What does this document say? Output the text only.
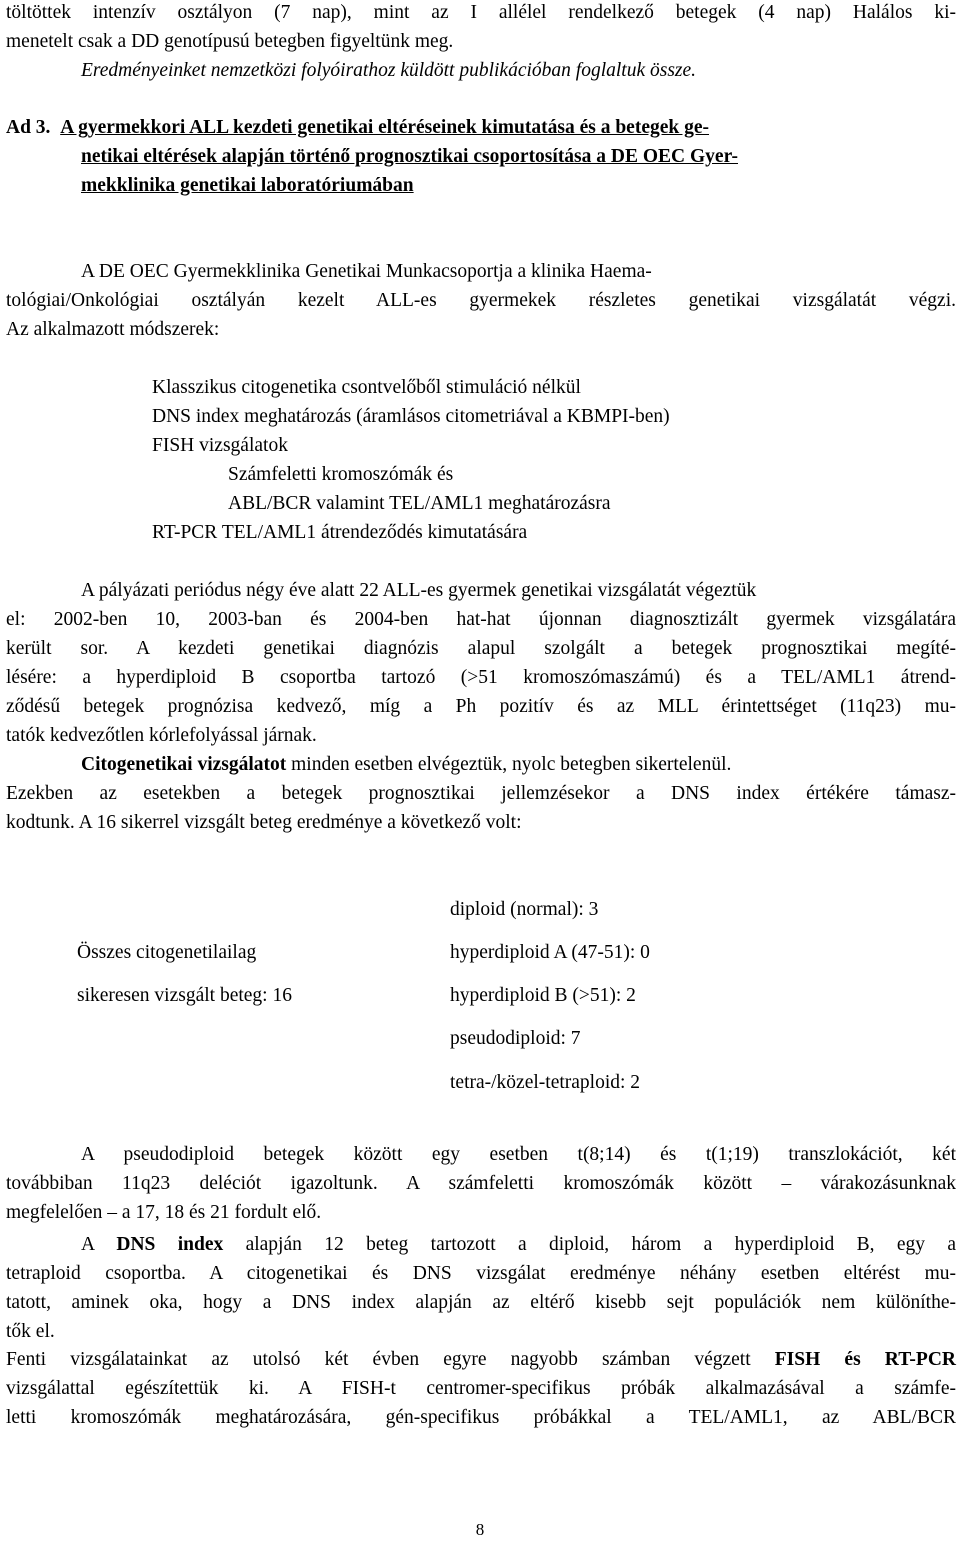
töltöttek intenzív osztályon (7 nap), mint az I allélel rendelkező betegek (4 nap) Halálos ki-
menetelt csak a DD genotípusú betegben figyeltünk meg.
Eredményeinket nemzetközi folyóirathoz küldött publikációban foglaltuk össze.
Ad 3. A gyermekkori ALL kezdeti genetikai eltéréseinek kimutatása és a betegek ge-
netikai eltérések alapján történő prognosztikai csoportosítása a DE OEC Gyer-
mekklinika genetikai laboratóriumában
A DE OEC Gyermekklinika Genetikai Munkacsoportja a klinika Haema-
tológiai/Onkológiai osztályán kezelt ALL-es gyermekek részletes genetikai vizsgálatát végzi.
Az alkalmazott módszerek:
Klasszikus citogenetika csontvelőből stimuláció nélkül
DNS index meghatározás (áramlásos citometriával a KBMPI-ben)
FISH vizsgálatok
Számfeletti kromoszómák és
ABL/BCR valamint TEL/AML1 meghatározásra
RT-PCR TEL/AML1 átrendeződés kimutatására
A pályázati periódus négy éve alatt 22 ALL-es gyermek genetikai vizsgálatát végeztük
el: 2002-ben 10, 2003-ban és 2004-ben hat-hat újonnan diagnosztizált gyermek vizsgálatára
került sor. A kezdeti genetikai diagnózis alapul szolgált a betegek prognosztikai megíté-
lésére: a hyperdiploid B csoportba tartozó (>51 kromoszómaszámú) és a TEL/AML1 átrend-
ződésű betegek prognózisa kedvező, míg a Ph pozitív és az MLL érintettséget (11q23) mu-
tatók kedvezőtlen kórlefolyással járnak.
Citogenetikai vizsgálatot minden esetben elvégeztük, nyolc betegben sikertelenül.
Ezekben az esetekben a betegek prognosztikai jellemzésekor a DNS index értékére támasz-
kodtunk. A 16 sikerrel vizsgált beteg eredménye a következő volt:
diploid (normal): 3
Összes citogenetilailag	hyperdiploid A (47-51): 0
sikeresen vizsgált beteg: 16	hyperdiploid B (>51): 2
pseudodiploid: 7
tetra-/közel-tetraploid: 2
A pseudodiploid betegek között egy esetben t(8;14) és t(1;19) transzlokációt, két
továbbiban 11q23 deléciót igazoltunk. A számfeletti kromoszómák között – várakozásunknak
megfelelően – a 17, 18 és 21 fordult elő.
A DNS index alapján 12 beteg tartozott a diploid, három a hyperdiploid B, egy a
tetraploid csoportba. A citogenetikai és DNS vizsgálat eredménye néhány esetben eltérést mu-
tatott, aminek oka, hogy a DNS index alapján az eltérő kisebb sejt populációk nem különíthe-
tők el.
Fenti vizsgálatainkat az utolsó két évben egyre nagyobb számban végzett FISH és RT-PCR
vizsgálattal egészítettük ki. A FISH-t centromer-specifikus próbák alkalmazásával a számfe-
letti kromoszómák meghatározására, gén-specifikus próbákkal a TEL/AML1, az ABL/BCR
8
